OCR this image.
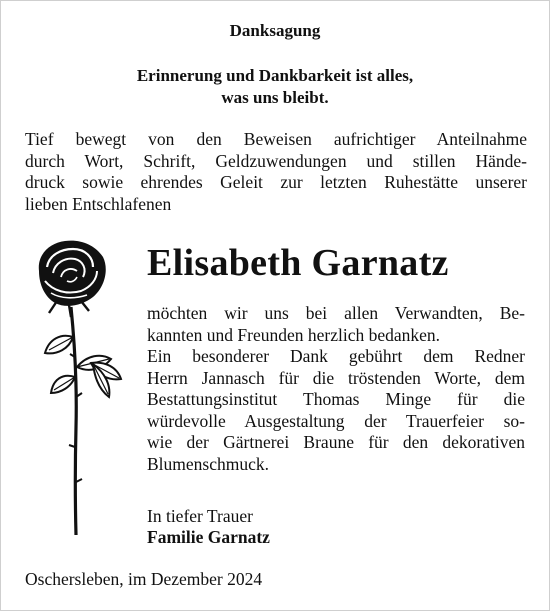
Danksagung
Erinnerung und Dankbarkeit ist alles,
was uns bleibt.
Tief bewegt von den Beweisen aufrichtiger Anteilnahme
durch Wort, Schrift, Geldzuwendungen und stillen Hände-
druck sowie ehrendes Geleit zur letzten Ruhestätte unserer
lieben Entschlafenen
Elisabeth Garnatz
möchten wir uns bei allen Verwandten, Be-
kannten und Freunden herzlich bedanken.
Ein besonderer Dank gebührt dem Redner
Herrn Jannasch für die tröstenden Worte, dem
Bestattungsinstitut Thomas Minge für die
würdevolle Ausgestaltung der Trauerfeier so-
wie der Gärtnerei Braune für den dekorativen
Blumenschmuck.
In tiefer Trauer
Familie Garnatz
Oschersleben, im Dezember 2024
